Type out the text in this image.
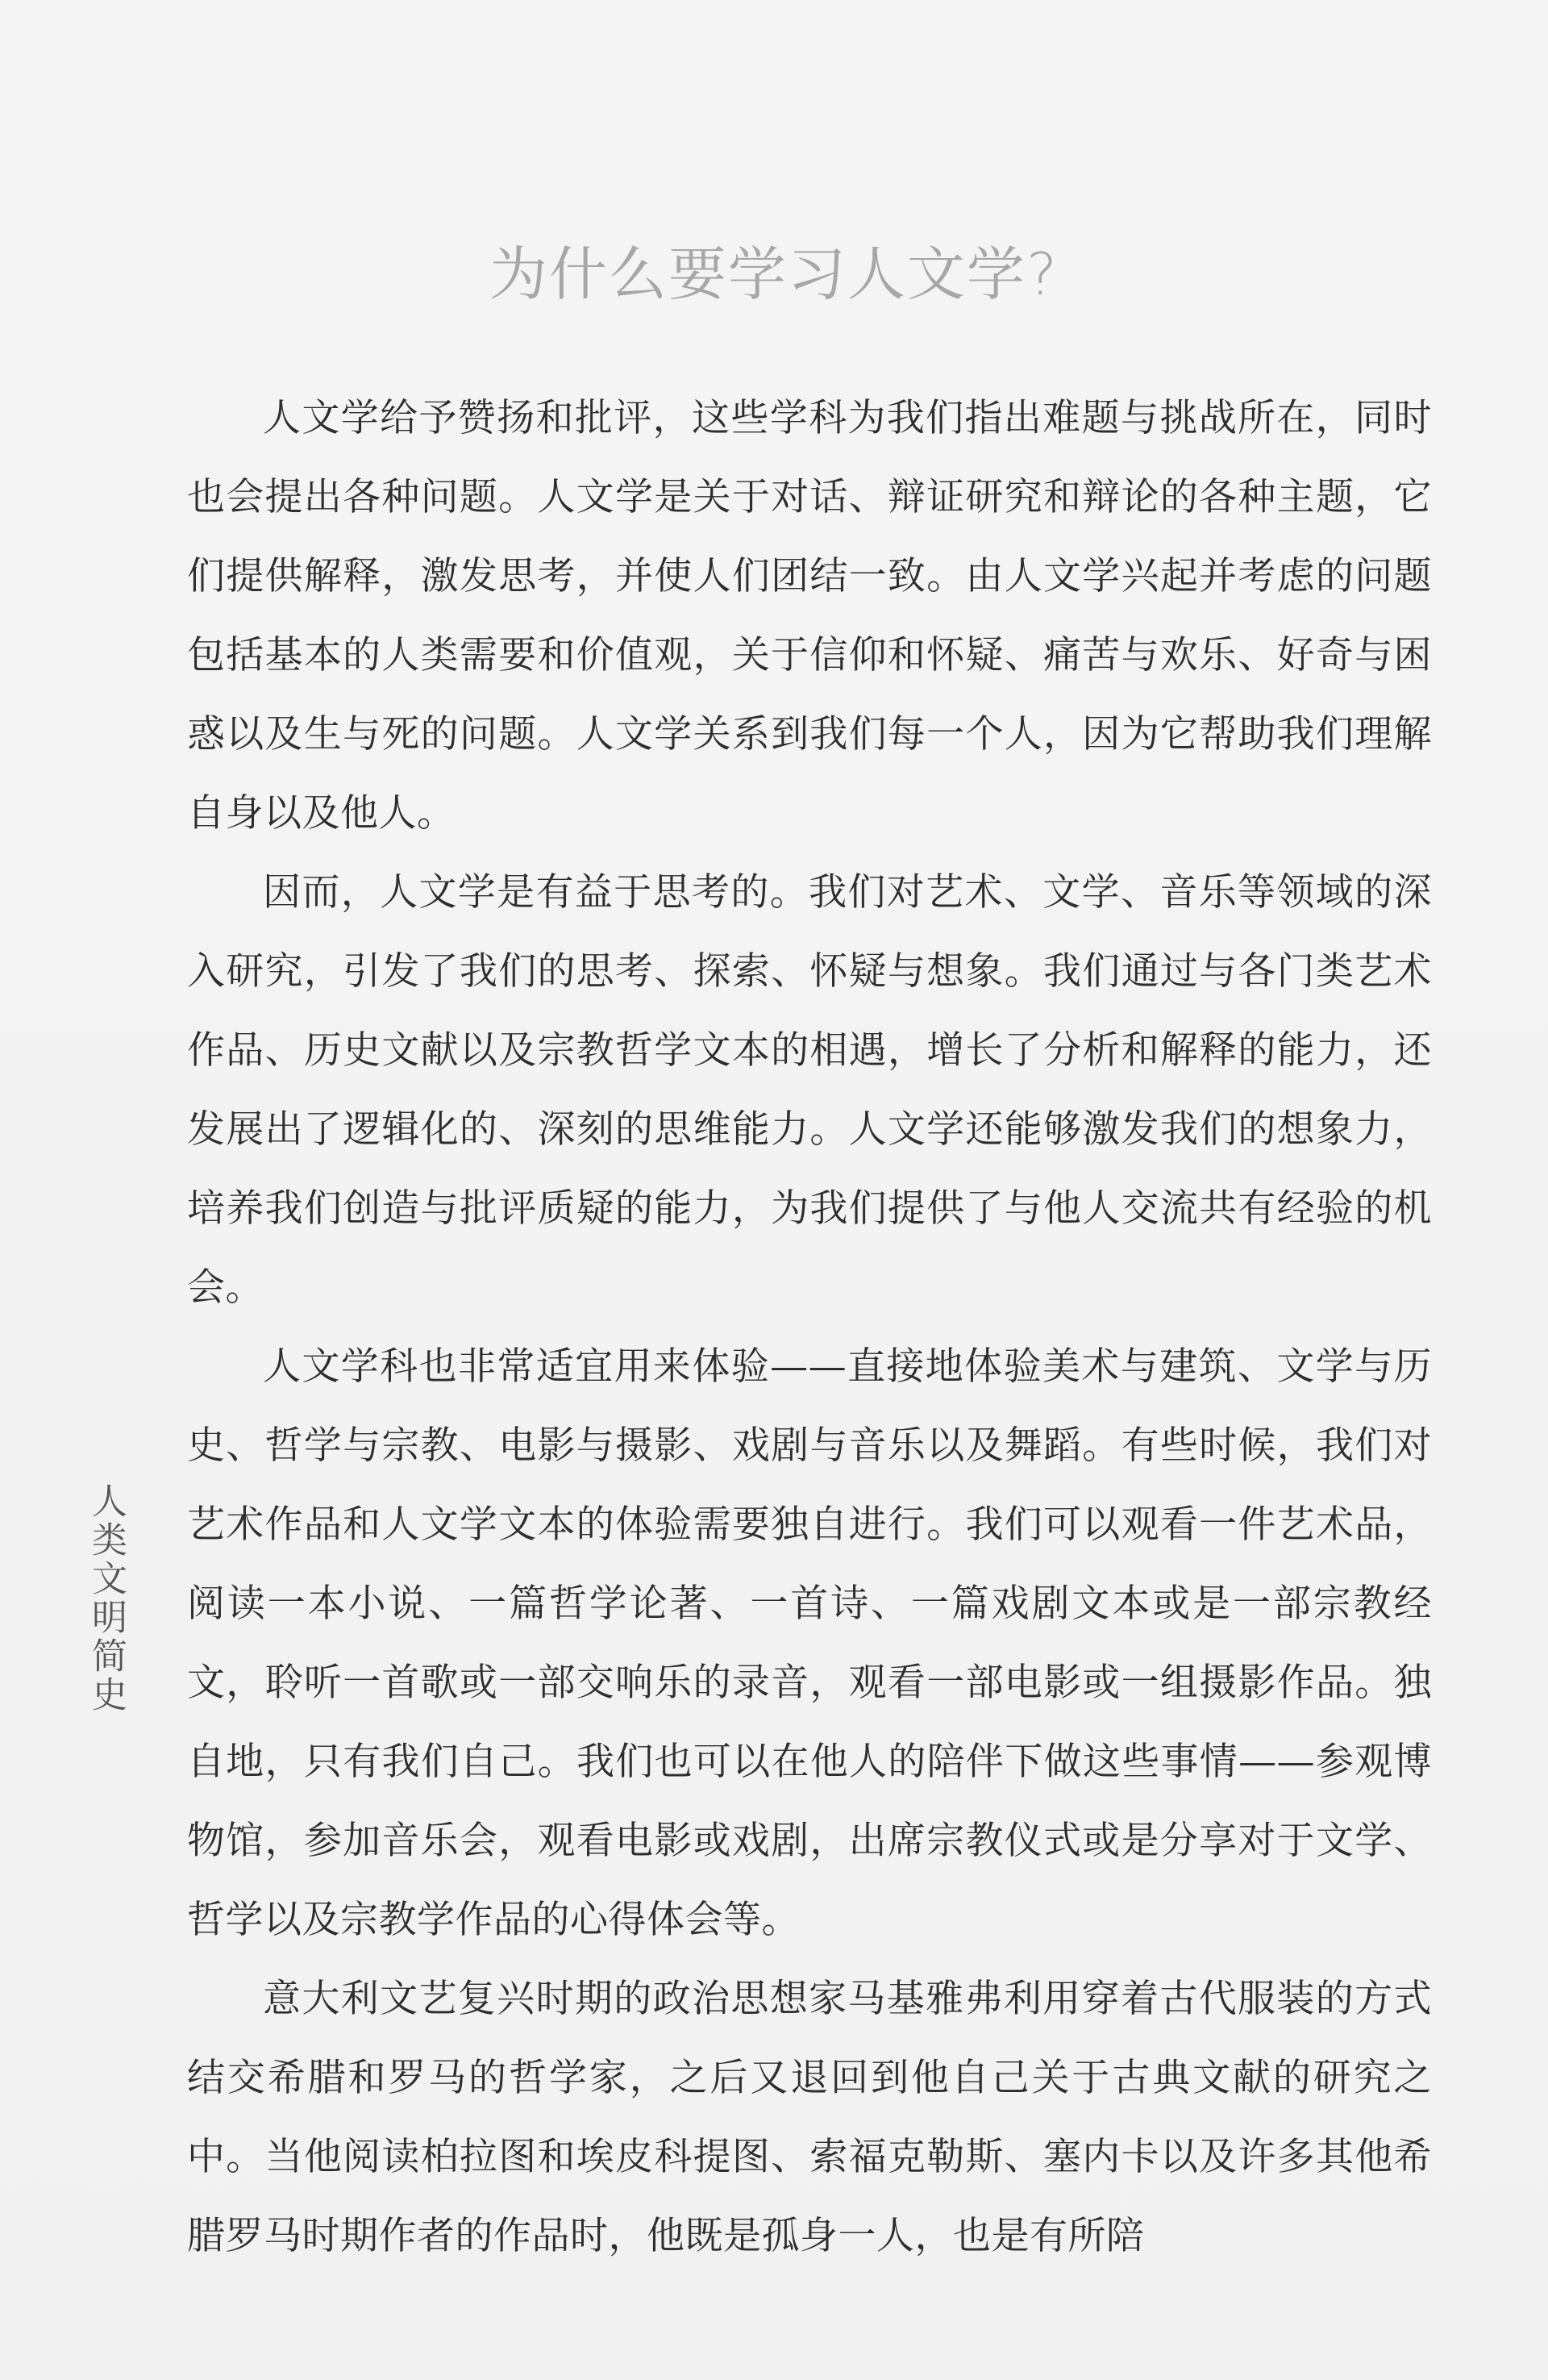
为什么要学习人文学?
人类文明简史

人文学给予赞扬和批评，这些学科为我们指出难题与挑战所在，同时也会提出各种问题。人文学是关于对话、辩证研究和辩论的各种主题，它们提供解释，激发思考，并使人们团结一致。由人文学兴起并考虑的问题包括基本的人类需要和价值观，关于信仰和怀疑、痛苦与欢乐、好奇与困惑以及生与死的问题。人文学关系到我们每一个人，因为它帮助我们理解自身以及他人。

因而，人文学是有益于思考的。我们对艺术、文学、音乐等领域的深入研究，引发了我们的思考、探索、怀疑与想象。我们通过与各门类艺术作品、历史文献以及宗教哲学文本的相遇，增长了分析和解释的能力，还发展出了逻辑化的、深刻的思维能力。人文学还能够激发我们的想象力，培养我们创造与批评质疑的能力，为我们提供了与他人交流共有经验的机会。

人文学科也非常适宜用来体验——直接地体验美术与建筑、文学与历史、哲学与宗教、电影与摄影、戏剧与音乐以及舞蹈。有些时候，我们对艺术作品和人文学文本的体验需要独自进行。我们可以观看一件艺术品，阅读一本小说、一篇哲学论著、一首诗、一篇戏剧文本或是一部宗教经文，聆听一首歌或一部交响乐的录音，观看一部电影或一组摄影作品。独自地，只有我们自己。我们也可以在他人的陪伴下做这些事情——参观博物馆，参加音乐会，观看电影或戏剧，出席宗教仪式或是分享对于文学、哲学以及宗教学作品的心得体会等。

意大利文艺复兴时期的政治思想家马基雅弗利用穿着古代服装的方式结交希腊和罗马的哲学家，之后又退回到他自己关于古典文献的研究之中。当他阅读柏拉图和埃皮科提图、索福克勒斯、塞内卡以及许多其他希腊罗马时期作者的作品时，他既是孤身一人，也是有所陪
